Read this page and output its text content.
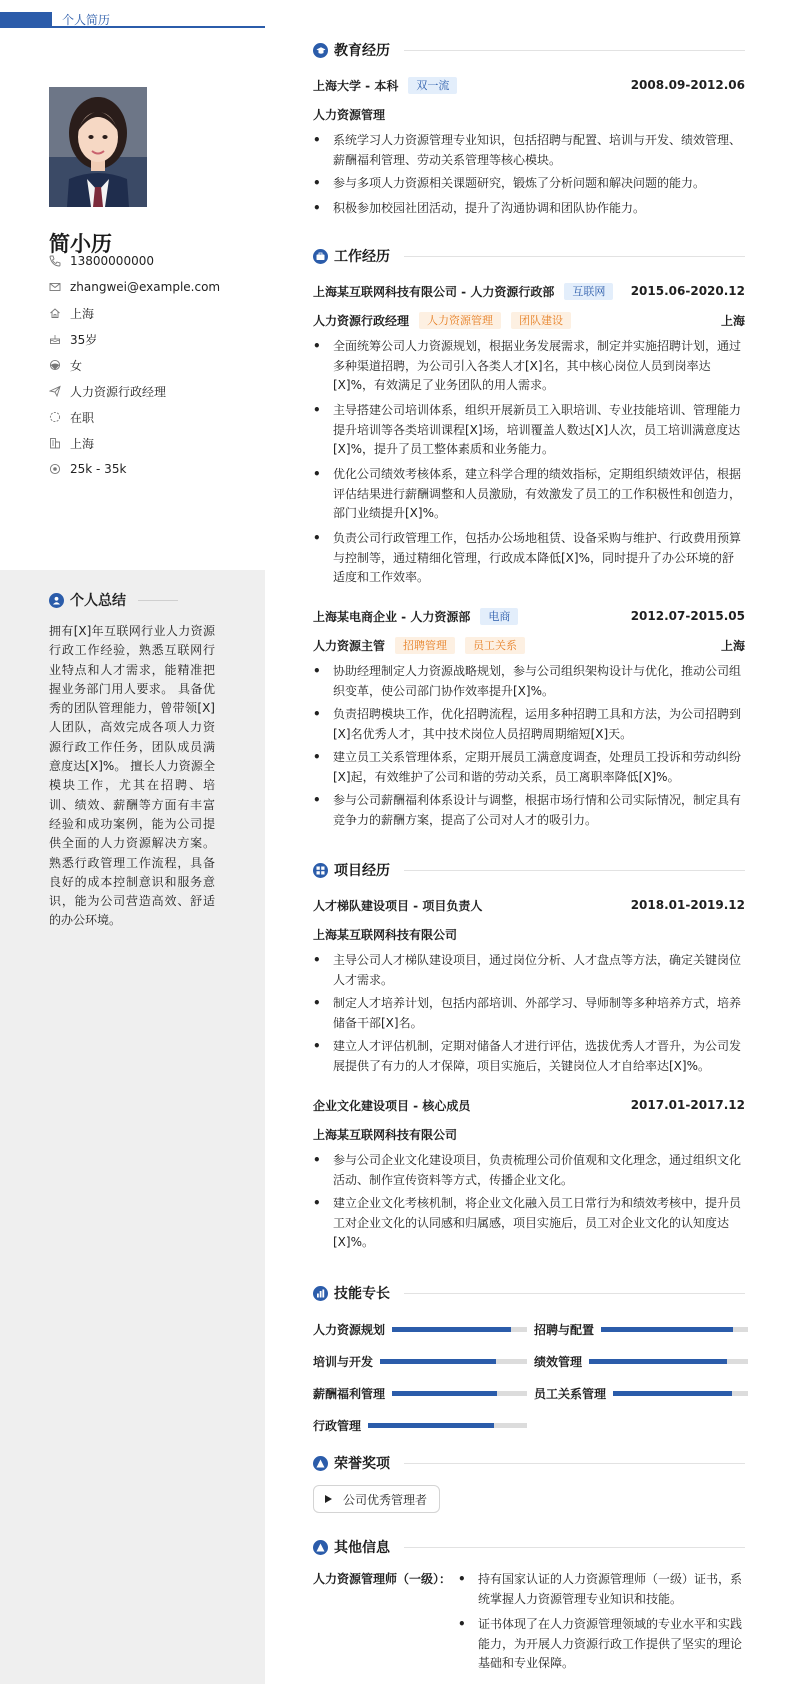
个人简历
简小历
13800000000
zhangwei@example.com
上海
35岁
女
人力资源行政经理
在职
上海
25k - 35k
个人总结
拥有[X]年互联网行业人力资源行政工作经验，熟悉互联网行业特点和人才需求，能精准把握业务部门用人要求。 具备优秀的团队管理能力，曾带领[X]人团队，高效完成各项人力资源行政工作任务，团队成员满意度达[X]%。 擅长人力资源全模块工作，尤其在招聘、培训、绩效、薪酬等方面有丰富经验和成功案例，能为公司提供全面的人力资源解决方案。 熟悉行政管理工作流程，具备良好的成本控制意识和服务意识，能为公司营造高效、舒适的办公环境。
教育经历
上海大学 - 本科	双一流	2008.09-2012.06
人力资源管理
• 系统学习人力资源管理专业知识，包括招聘与配置、培训与开发、绩效管理、薪酬福利管理、劳动关系管理等核心模块。
• 参与多项人力资源相关课题研究，锻炼了分析问题和解决问题的能力。
• 积极参加校园社团活动，提升了沟通协调和团队协作能力。
工作经历
上海某互联网科技有限公司 - 人力资源行政部	互联网	2015.06-2020.12
人力资源行政经理	人力资源管理	团队建设	上海
• 全面统筹公司人力资源规划，根据业务发展需求，制定并实施招聘计划，通过多种渠道招聘，为公司引入各类人才[X]名，其中核心岗位人员到岗率达[X]%，有效满足了业务团队的用人需求。
• 主导搭建公司培训体系，组织开展新员工入职培训、专业技能培训、管理能力提升培训等各类培训课程[X]场，培训覆盖人数达[X]人次，员工培训满意度达[X]%，提升了员工整体素质和业务能力。
• 优化公司绩效考核体系，建立科学合理的绩效指标，定期组织绩效评估，根据评估结果进行薪酬调整和人员激励，有效激发了员工的工作积极性和创造力，部门业绩提升[X]%。
• 负责公司行政管理工作，包括办公场地租赁、设备采购与维护、行政费用预算与控制等，通过精细化管理，行政成本降低[X]%，同时提升了办公环境的舒适度和工作效率。
上海某电商企业 - 人力资源部	电商	2012.07-2015.05
人力资源主管	招聘管理	员工关系	上海
• 协助经理制定人力资源战略规划，参与公司组织架构设计与优化，推动公司组织变革，使公司部门协作效率提升[X]%。
• 负责招聘模块工作，优化招聘流程，运用多种招聘工具和方法，为公司招聘到[X]名优秀人才，其中技术岗位人员招聘周期缩短[X]天。
• 建立员工关系管理体系，定期开展员工满意度调查，处理员工投诉和劳动纠纷[X]起，有效维护了公司和谐的劳动关系，员工离职率降低[X]%。
• 参与公司薪酬福利体系设计与调整，根据市场行情和公司实际情况，制定具有竞争力的薪酬方案，提高了公司对人才的吸引力。
项目经历
人才梯队建设项目 - 项目负责人	2018.01-2019.12
上海某互联网科技有限公司
• 主导公司人才梯队建设项目，通过岗位分析、人才盘点等方法，确定关键岗位人才需求。
• 制定人才培养计划，包括内部培训、外部学习、导师制等多种培养方式，培养储备干部[X]名。
• 建立人才评估机制，定期对储备人才进行评估，选拔优秀人才晋升，为公司发展提供了有力的人才保障，项目实施后，关键岗位人才自给率达[X]%。
企业文化建设项目 - 核心成员	2017.01-2017.12
上海某互联网科技有限公司
• 参与公司企业文化建设项目，负责梳理公司价值观和文化理念，通过组织文化活动、制作宣传资料等方式，传播企业文化。
• 建立企业文化考核机制，将企业文化融入员工日常行为和绩效考核中，提升员工对企业文化的认同感和归属感，项目实施后，员工对企业文化的认知度达[X]%。
技能专长
人力资源规划	招聘与配置
培训与开发	绩效管理
薪酬福利管理	员工关系管理
行政管理
荣誉奖项
公司优秀管理者
其他信息
人力资源管理师（一级）：
•	持有国家认证的人力资源管理师（一级）证书，系统掌握人力资源管理专业知识和技能。
• 证书体现了在人力资源管理领域的专业水平和实践能力，为开展人力资源行政工作提供了坚实的理论基础和专业保障。
